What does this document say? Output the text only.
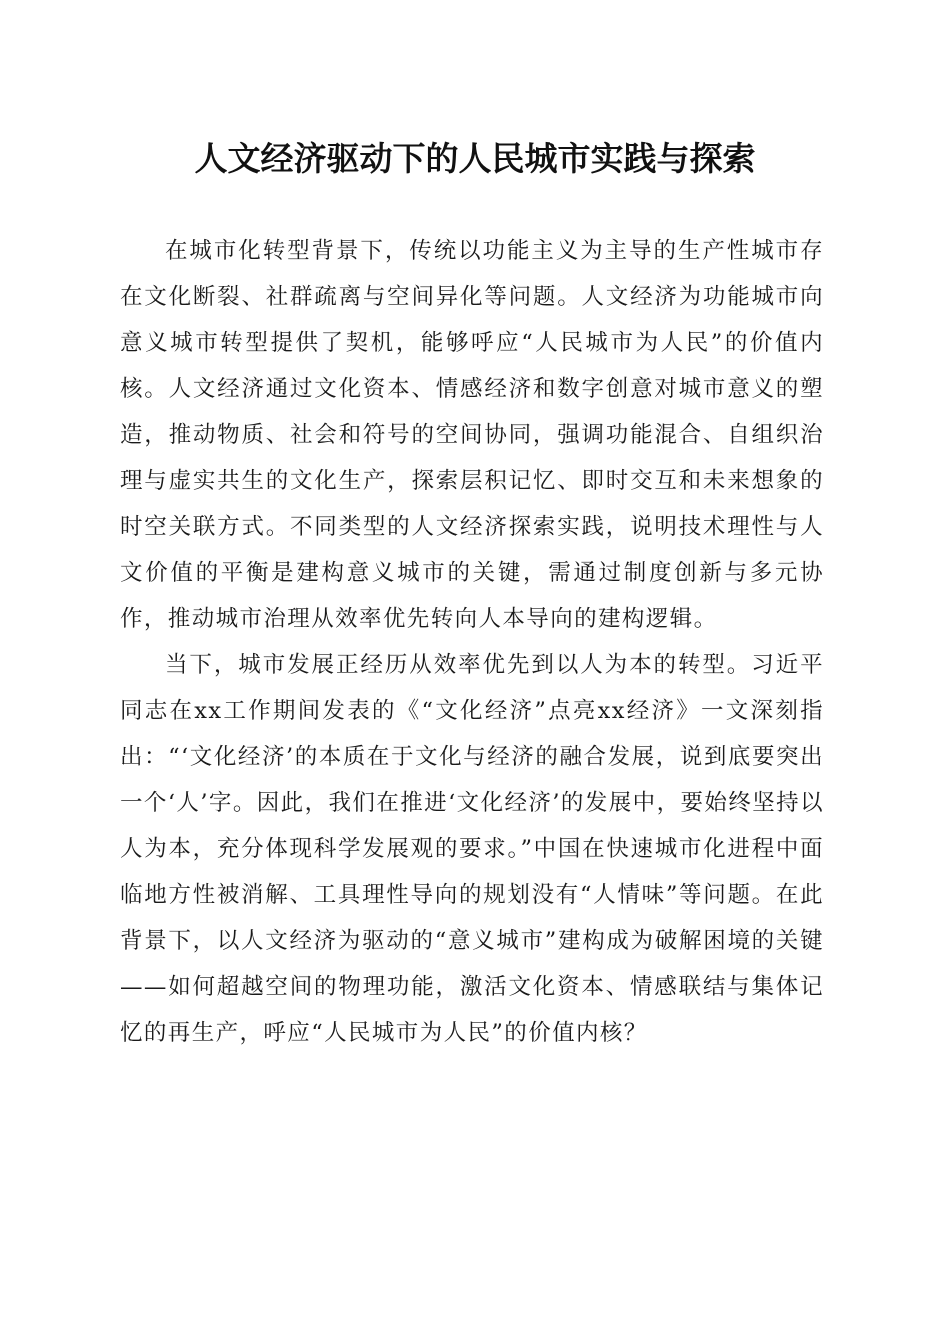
人文经济驱动下的人民城市实践与探索

在城市化转型背景下，传统以功能主义为主导的生产性城市存在文化断裂、社群疏离与空间异化等问题。人文经济为功能城市向意义城市转型提供了契机，能够呼应“人民城市为人民”的价值内核。人文经济通过文化资本、情感经济和数字创意对城市意义的塑造，推动物质、社会和符号的空间协同，强调功能混合、自组织治理与虚实共生的文化生产，探索层积记忆、即时交互和未来想象的时空关联方式。不同类型的人文经济探索实践，说明技术理性与人文价值的平衡是建构意义城市的关键，需通过制度创新与多元协作，推动城市治理从效率优先转向人本导向的建构逻辑。

当下，城市发展正经历从效率优先到以人为本的转型。习近平同志在xx工作期间发表的《“文化经济”点亮xx经济》一文深刻指出：“‘文化经济’的本质在于文化与经济的融合发展，说到底要突出一个‘人’字。因此，我们在推进‘文化经济’的发展中，要始终坚持以人为本，充分体现科学发展观的要求。”中国在快速城市化进程中面临地方性被消解、工具理性导向的规划没有“人情味”等问题。在此背景下，以人文经济为驱动的“意义城市”建构成为破解困境的关键——如何超越空间的物理功能，激活文化资本、情感联结与集体记忆的再生产，呼应“人民城市为人民”的价值内核？
